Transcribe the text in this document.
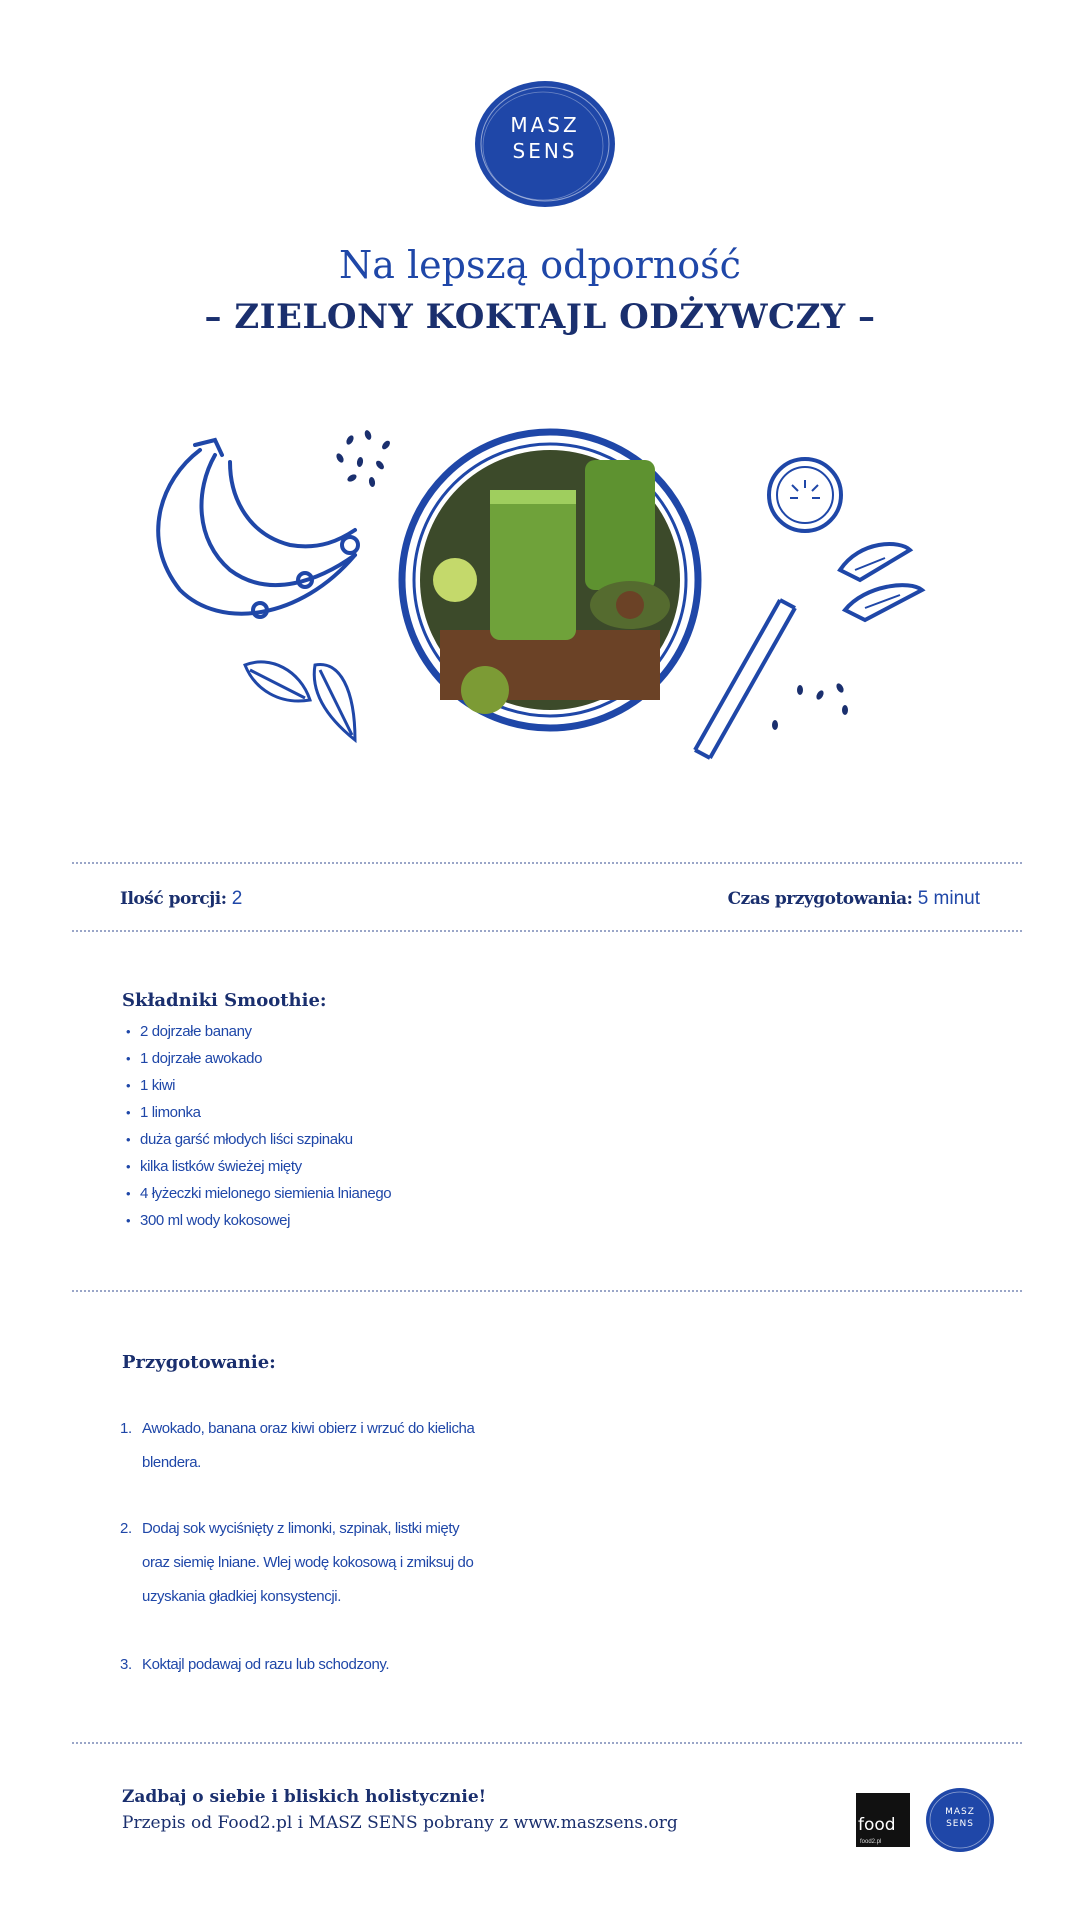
MASZ
SENS
Na lepszą odporność
– ZIELONY KOKTAJL ODŻYWCZY –
Ilość porcji: 2	Czas przygotowania: 5 minut
Składniki Smoothie:
• 2 dojrzałe banany
• 1 dojrzałe awokado
• 1 kiwi
• 1 limonka
• duża garść młodych liści szpinaku
• kilka listków świeżej mięty
• 4 łyżeczki mielonego siemienia lnianego
• 300 ml wody kokosowej
Przygotowanie:
1. Awokado, banana oraz kiwi obierz i wrzuć do kielicha
blendera.
2. Dodaj sok wyciśnięty z limonki, szpinak, listki mięty
oraz siemię lniane. Wlej wodę kokosową i zmiksuj do
uzyskania gładkiej konsystencji.
3. Koktajl podawaj od razu lub schodzony.
Zadbaj o siebie i bliskich holistycznie!
Przepis od Food2.pl i MASZ SENS pobrany z www.maszsens.org	food
food2.pl
MASZ
SENS
